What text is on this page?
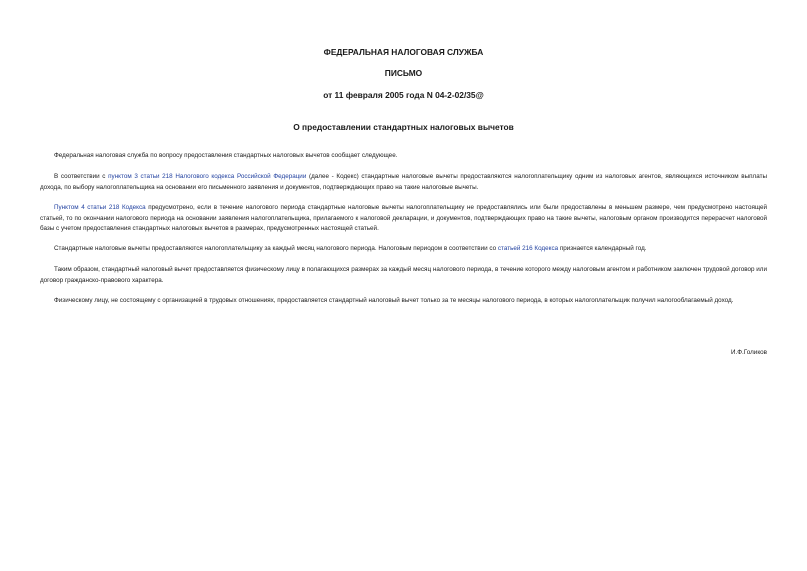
ФЕДЕРАЛЬНАЯ НАЛОГОВАЯ СЛУЖБА

ПИСЬМО

от 11 февраля 2005 года N 04-2-02/35@

О предоставлении стандартных налоговых вычетов

Федеральная налоговая служба по вопросу предоставления стандартных налоговых вычетов сообщает следующее.

В соответствии с пунктом 3 статьи 218 Налогового кодекса Российской Федерации (далее - Кодекс) стандартные налоговые вычеты предоставляются налогоплательщику одним из налоговых агентов, являющихся источником выплаты дохода, по выбору налогоплательщика на основании его письменного заявления и документов, подтверждающих право на такие налоговые вычеты.

Пунктом 4 статьи 218 Кодекса предусмотрено, если в течение налогового периода стандартные налоговые вычеты налогоплательщику не предоставлялись или были предоставлены в меньшем размере, чем предусмотрено настоящей статьей, то по окончании налогового периода на основании заявления налогоплательщика, прилагаемого к налоговой декларации, и документов, подтверждающих право на такие вычеты, налоговым органом производится перерасчет налоговой базы с учетом предоставления стандартных налоговых вычетов в размерах, предусмотренных настоящей статьей.

Стандартные налоговые вычеты предоставляются налогоплательщику за каждый месяц налогового периода. Налоговым периодом в соответствии со статьей 216 Кодекса признается календарный год.

Таким образом, стандартный налоговый вычет предоставляется физическому лицу в полагающихся размерах за каждый месяц налогового периода, в течение которого между налоговым агентом и работником заключен трудовой договор или договор гражданско-правового характера.

Физическому лицу, не состоящему с организацией в трудовых отношениях, предоставляется стандартный налоговый вычет только за те месяцы налогового периода, в которых налогоплательщик получил налогооблагаемый доход.

И.Ф.Голиков
